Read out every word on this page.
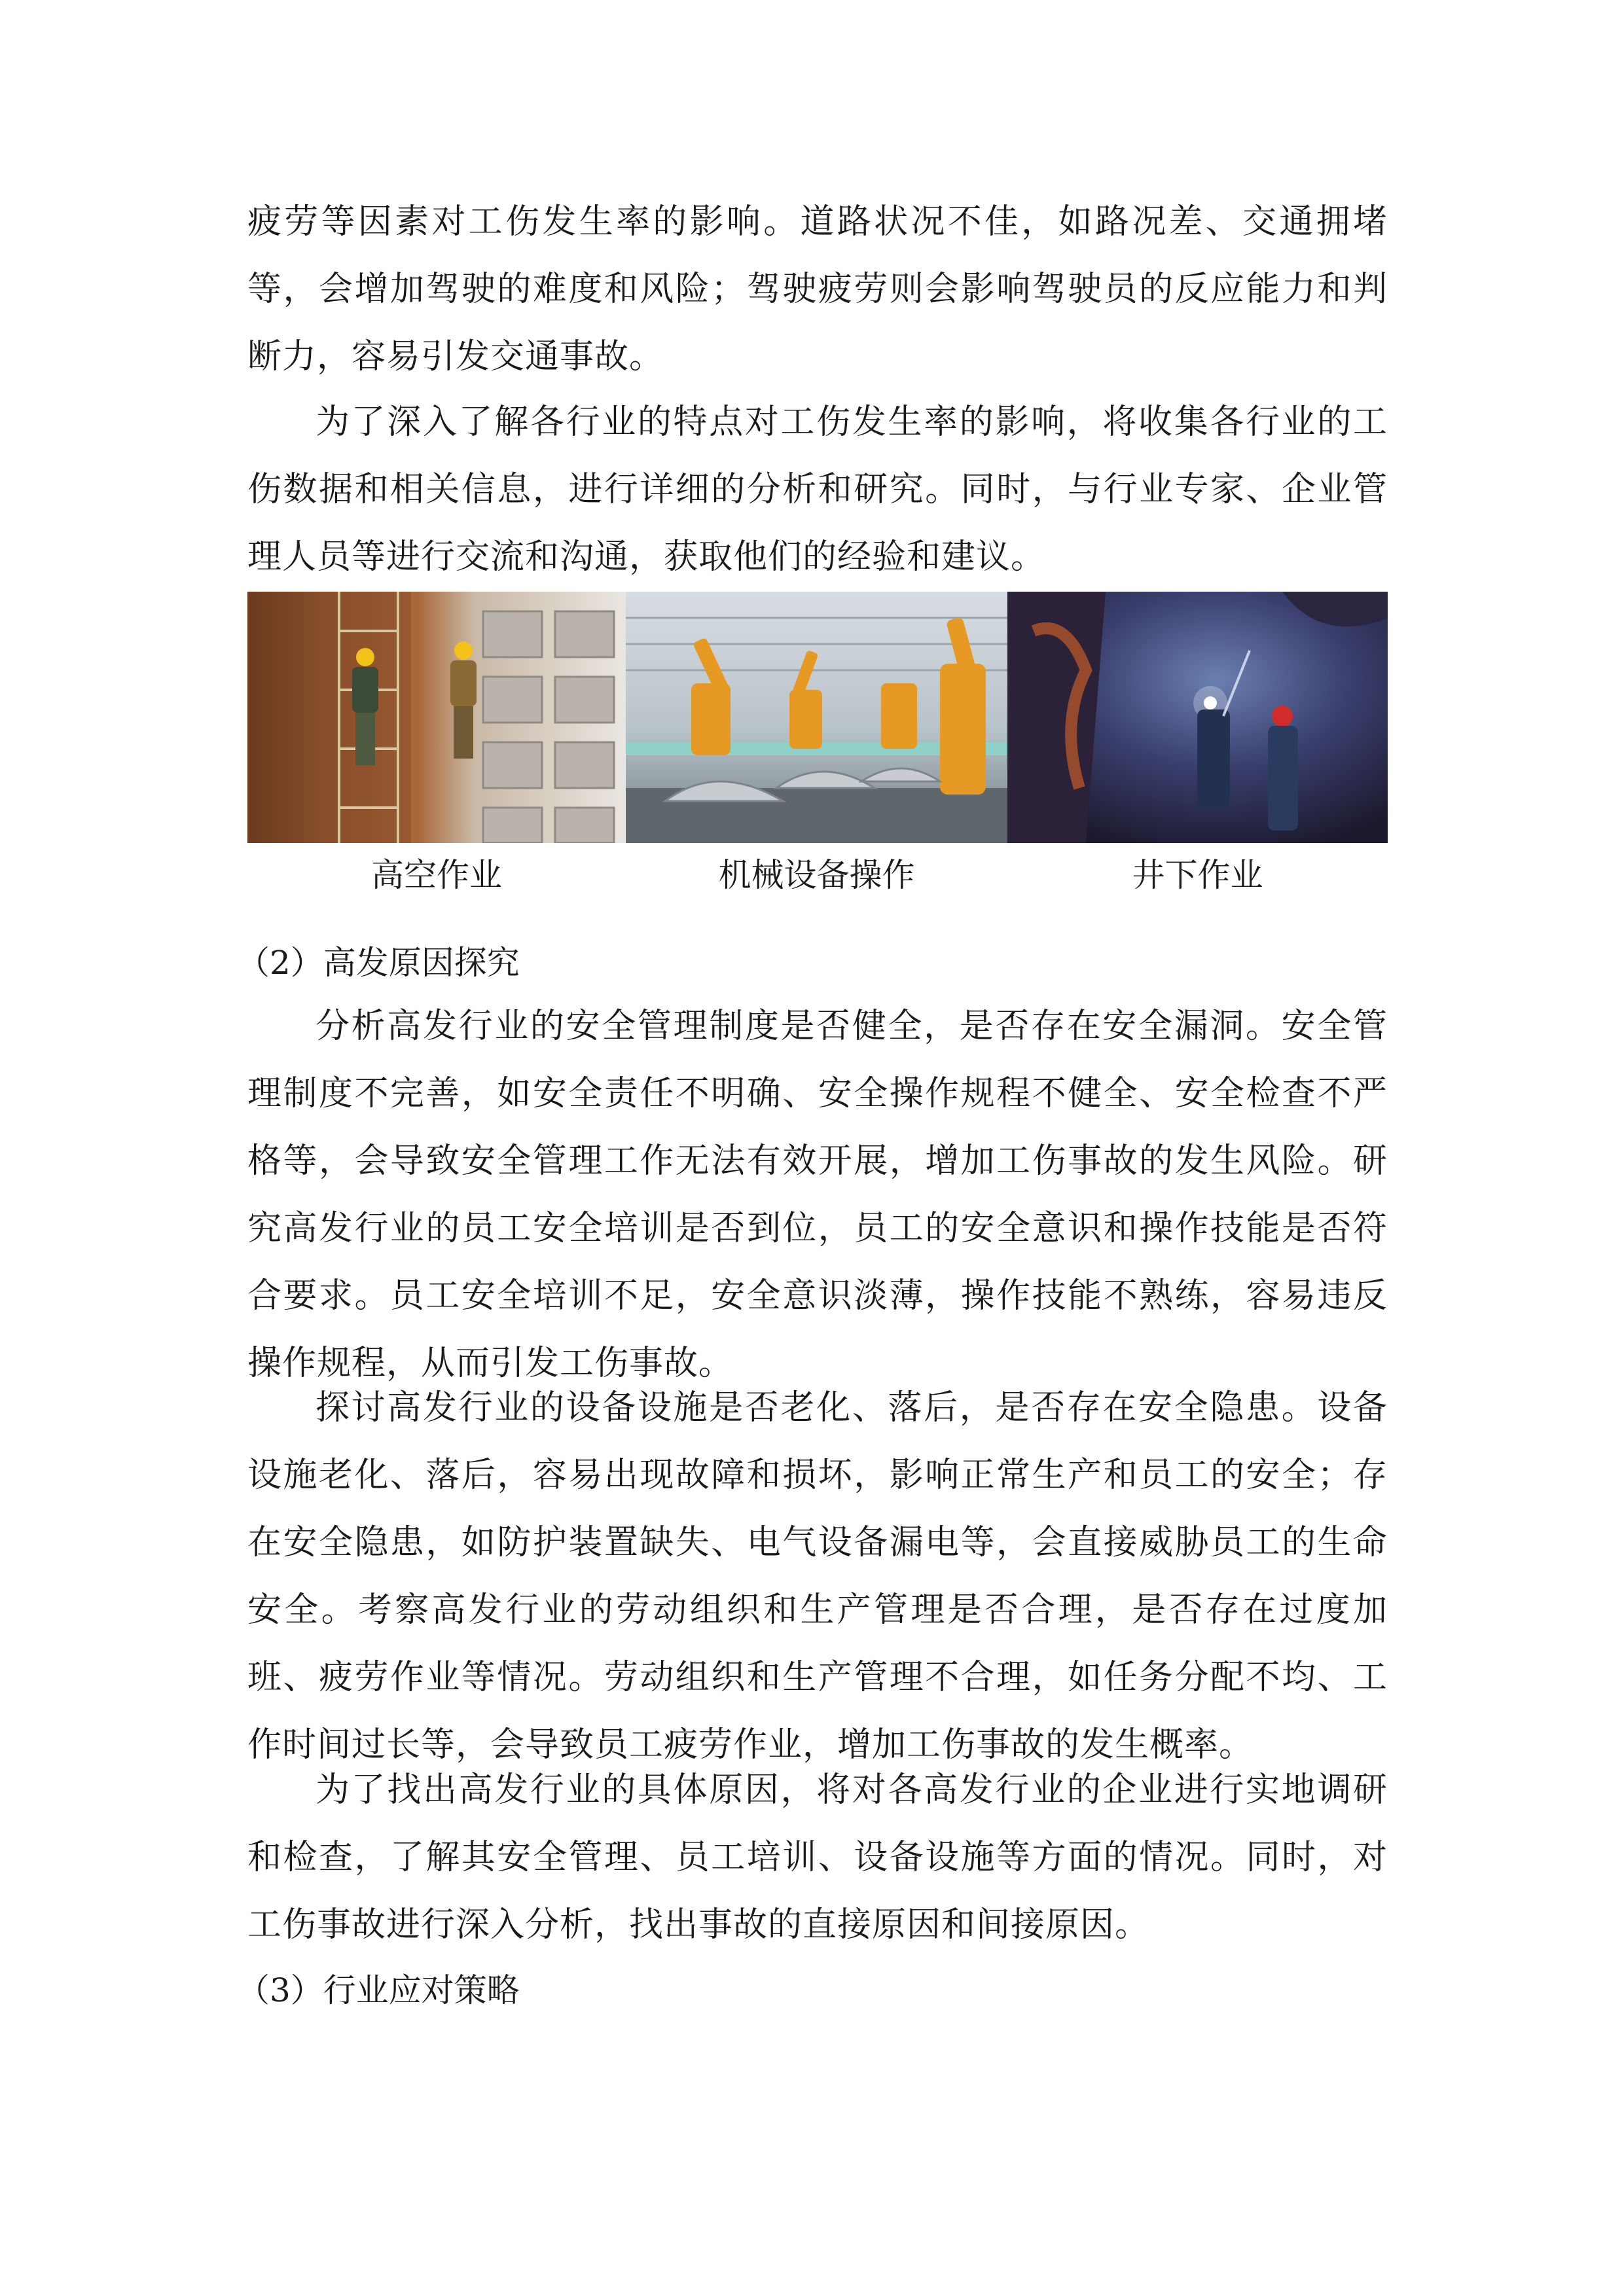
疲劳等因素对工伤发生率的影响。道路状况不佳，如路况差、交通拥堵等，会增加驾驶的难度和风险；驾驶疲劳则会影响驾驶员的反应能力和判断力，容易引发交通事故。

为了深入了解各行业的特点对工伤发生率的影响，将收集各行业的工伤数据和相关信息，进行详细的分析和研究。同时，与行业专家、企业管理人员等进行交流和沟通，获取他们的经验和建议。

高空作业	机械设备操作	井下作业

（2）高发原因探究

分析高发行业的安全管理制度是否健全，是否存在安全漏洞。安全管理制度不完善，如安全责任不明确、安全操作规程不健全、安全检查不严格等，会导致安全管理工作无法有效开展，增加工伤事故的发生风险。研究高发行业的员工安全培训是否到位，员工的安全意识和操作技能是否符合要求。员工安全培训不足，安全意识淡薄，操作技能不熟练，容易违反操作规程，从而引发工伤事故。

探讨高发行业的设备设施是否老化、落后，是否存在安全隐患。设备设施老化、落后，容易出现故障和损坏，影响正常生产和员工的安全；存在安全隐患，如防护装置缺失、电气设备漏电等，会直接威胁员工的生命安全。考察高发行业的劳动组织和生产管理是否合理，是否存在过度加班、疲劳作业等情况。劳动组织和生产管理不合理，如任务分配不均、工作时间过长等，会导致员工疲劳作业，增加工伤事故的发生概率。

为了找出高发行业的具体原因，将对各高发行业的企业进行实地调研和检查，了解其安全管理、员工培训、设备设施等方面的情况。同时，对工伤事故进行深入分析，找出事故的直接原因和间接原因。

（3）行业应对策略
